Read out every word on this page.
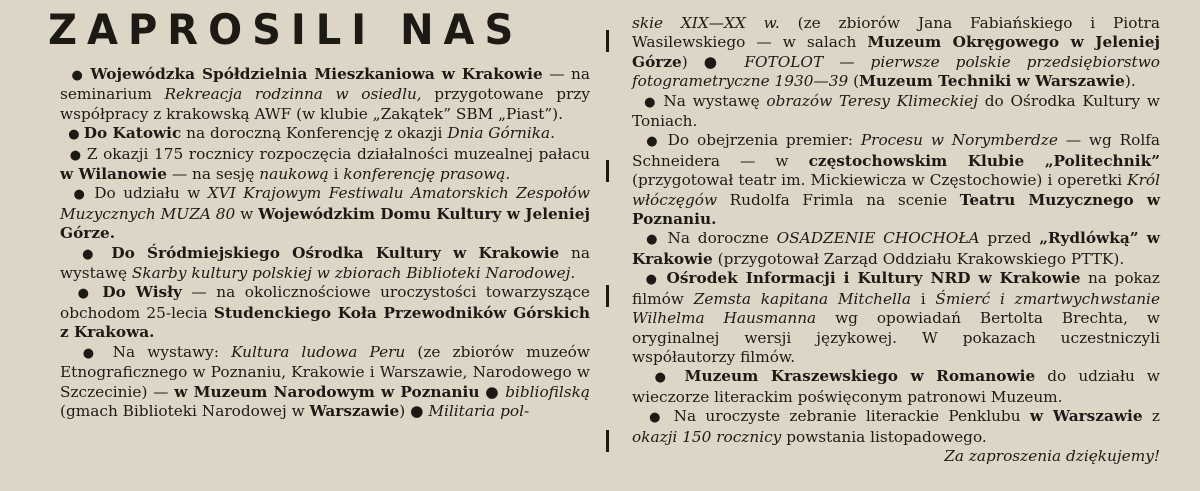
ZAPROSILI NAS

● Wojewódzka Spółdzielnia Mieszkaniowa w Krakowie — na seminarium Rekreacja rodzinna w osiedlu, przygotowane przy współpracy z krakowską AWF (w klubie „Zakątek” SBM „Piast”).

● Do Katowic na doroczną Konferencję z okazji Dnia Górnika.

● Z okazji 175 rocznicy rozpoczęcia działalności muzealnej pałacu w Wilanowie — na sesję naukową i konferencję prasową.

● Do udziału w XVI Krajowym Festiwalu Amatorskich Zespołów Muzycznych MUZA 80 w Wojewódzkim Domu Kultury w Jeleniej Górze.

● Do Śródmiejskiego Ośrodka Kultury w Krakowie na wystawę Skarby kultury polskiej w zbiorach Biblioteki Narodowej.

● Do Wisły — na okolicznościowe uroczystości towarzyszące obchodom 25-lecia Studenckiego Koła Przewodników Górskich z Krakowa.

● Na wystawy: Kultura ludowa Peru (ze zbiorów muzeów Etnograficznego w Poznaniu, Krakowie i Warszawie, Narodowego w Szczecinie) — w Muzeum Narodowym w Poznaniu ● bibliofilską (gmach Biblioteki Narodowej w Warszawie) ● Militaria pol-

skie XIX—XX w. (ze zbiorów Jana Fabiańskiego i Piotra Wasilewskiego — w salach Muzeum Okręgowego w Jeleniej Górze) ● FOTOLOT — pierwsze polskie przedsiębiorstwo fotogrametryczne 1930—39 (Muzeum Techniki w Warszawie).

● Na wystawę obrazów Teresy Klimeckiej do Ośrodka Kultury w Toniach.

● Do obejrzenia premier: Procesu w Norymberdze — wg Rolfa Schneidera — w częstochowskim Klubie „Politechnik” (przygotował teatr im. Mickiewicza w Częstochowie) i operetki Król włóczęgów Rudolfa Frimla na scenie Teatru Muzycznego w Poznaniu.

● Na doroczne OSADZENIE CHOCHOŁA przed „Rydlówką” w Krakowie (przygotował Zarząd Oddziału Krakowskiego PTTK).

● Ośrodek Informacji i Kultury NRD w Krakowie na pokaz filmów Zemsta kapitana Mitchella i Śmierć i zmartwychwstanie Wilhelma Hausmanna wg opowiadań Bertolta Brechta, w oryginalnej wersji językowej. W pokazach uczestniczyli współautorzy filmów.

● Muzeum Kraszewskiego w Romanowie do udziału w wieczorze literackim poświęconym patronowi Muzeum.

● Na uroczyste zebranie literackie Penklubu w Warszawie z okazji 150 rocznicy powstania listopadowego.

Za zaproszenia dziękujemy!
